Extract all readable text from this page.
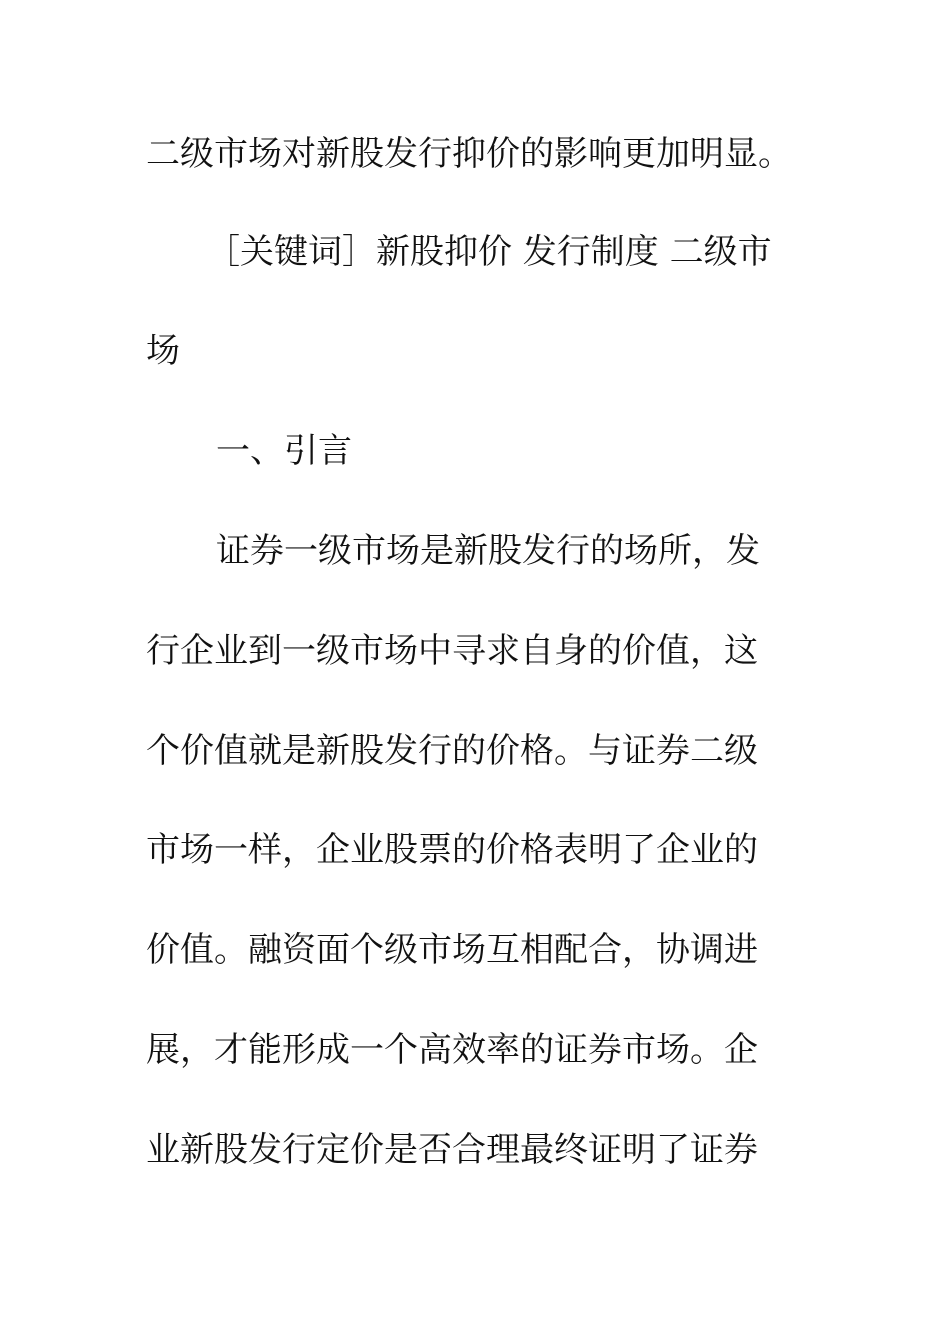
二级市场对新股发行抑价的影响更加明显。
［关键词］新股抑价 发行制度 二级市
场
一、引言
证券一级市场是新股发行的场所，发
行企业到一级市场中寻求自身的价值，这
个价值就是新股发行的价格。与证券二级
市场一样，企业股票的价格表明了企业的
价值。融资面个级市场互相配合，协调进
展，才能形成一个高效率的证券市场。企
业新股发行定价是否合理最终证明了证券
